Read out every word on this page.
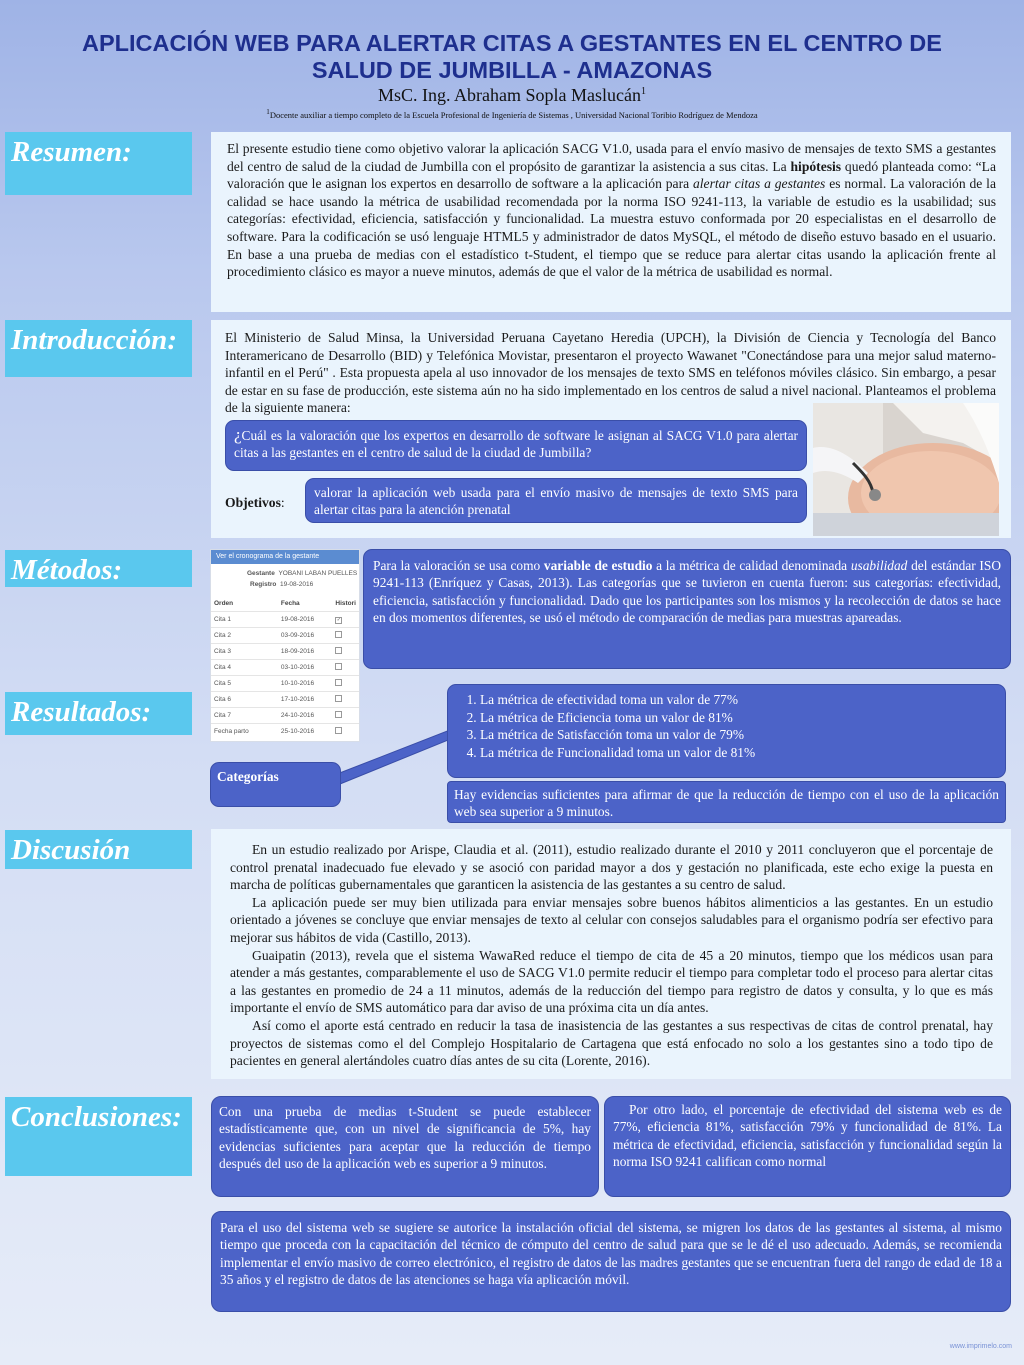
APLICACIÓN WEB PARA ALERTAR CITAS A GESTANTES EN EL CENTRO DE SALUD DE JUMBILLA - AMAZONAS
MsC. Ing. Abraham Sopla Maslucán$^1$
$^1$Docente auxiliar a tiempo completo de la Escuela Profesional de Ingeniería de Sistemas , Universidad Nacional Toribio Rodríguez de Mendoza
Resumen:	El presente estudio tiene como objetivo valorar la aplicación SACG V1.0, usada para el envío masivo de mensajes de texto SMS a gestantes del centro de salud de la ciudad de Jumbilla con el propósito de garantizar la asistencia a sus citas. La hipótesis quedó planteada como: “La valoración que le asignan los expertos en desarrollo de software a la aplicación para alertar citas a gestantes es normal. La valoración de la calidad se hace usando la métrica de usabilidad recomendada por la norma ISO 9241-113, la variable de estudio es la usabilidad; sus categorías: efectividad, eficiencia, satisfacción y funcionalidad. La muestra estuvo conformada por 20 especialistas en el desarrollo de software. Para la codificación se usó lenguaje HTML5 y administrador de datos MySQL, el método de diseño estuvo basado en el usuario. En base a una prueba de medias con el estadístico t-Student, el tiempo que se reduce para alertar citas usando la aplicación frente al procedimiento clásico es mayor a nueve minutos, además de que el valor de la métrica de usabilidad es normal.
Introducción:	El Ministerio de Salud Minsa, la Universidad Peruana Cayetano Heredia (UPCH), la División de Ciencia y Tecnología del Banco Interamericano de Desarrollo (BID) y Telefónica Movistar, presentaron el proyecto Wawanet "Conectándose para una mejor salud materno-infantil en el Perú" . Esta propuesta apela al uso innovador de los mensajes de texto SMS en teléfonos móviles clásico. Sin embargo, a pesar de estar en su fase de producción, este sistema aún no ha sido implementado en los centros de salud a nivel nacional. Planteamos el problema de la siguiente manera:
¿Cuál es la valoración que los expertos en desarrollo de software le asignan al SACG V1.0 para alertar citas a las gestantes en el centro de salud de la ciudad de Jumbilla?
Objetivos:
valorar la aplicación web usada para el envío masivo de mensajes de texto SMS para alertar citas para la atención prenatal
Métodos:	Ver el cronograma de la gestante
Gestante YOBANI LABAN PUELLES
Registro 19-08-2016
Orden	Fecha	Histori
Cita 1	19-08-2016	✓
Cita 2	03-09-2016	
Cita 3	18-09-2016	
Cita 4	03-10-2016	
Cita 5	10-10-2016	
Cita 6	17-10-2016	
Cita 7	24-10-2016	
Fecha parto	25-10-2016	
Para la valoración se usa como variable de estudio a la métrica de calidad denominada usabilidad del estándar ISO 9241-113 (Enríquez y Casas, 2013). Las categorías que se tuvieron en cuenta fueron: sus categorías: efectividad, eficiencia, satisfacción y funcionalidad. Dado que los participantes son los mismos y la recolección de datos se hace en dos momentos diferentes, se usó el método de comparación de medias para muestras apareadas.
Resultados:	1. La métrica de efectividad toma un valor de 77%
2. La métrica de Eficiencia toma un valor de 81%
3. La métrica de Satisfacción toma un valor de 79%
4. La métrica de Funcionalidad toma un valor de 81%
Categorías
Hay evidencias suficientes para afirmar de que la reducción de tiempo con el uso de la aplicación web sea superior a 9 minutos.
Discusión	En un estudio realizado por Arispe, Claudia et al. (2011), estudio realizado durante el 2010 y 2011 concluyeron que el porcentaje de control prenatal inadecuado fue elevado y se asoció con paridad mayor a dos y gestación no planificada, este echo exige la puesta en marcha de políticas gubernamentales que garanticen la asistencia de las gestantes a su centro de salud.
La aplicación puede ser muy bien utilizada para enviar mensajes sobre buenos hábitos alimenticios a las gestantes. En un estudio orientado a jóvenes se concluye que enviar mensajes de texto al celular con consejos saludables para el organismo podría ser efectivo para mejorar sus hábitos de vida (Castillo, 2013).
Guaipatin (2013), revela que el sistema WawaRed reduce el tiempo de cita de 45 a 20 minutos, tiempo que los médicos usan para atender a más gestantes, comparablemente el uso de SACG V1.0 permite reducir el tiempo para completar todo el proceso para alertar citas a las gestantes en promedio de 24 a 11 minutos, además de la reducción del tiempo para registro de datos y consulta, y lo que es más importante el envío de SMS automático para dar aviso de una próxima cita un día antes.
Así como el aporte está centrado en reducir la tasa de inasistencia de las gestantes a sus respectivas de citas de control prenatal, hay proyectos de sistemas como el del Complejo Hospitalario de Cartagena que está enfocado no solo a los gestantes sino a todo tipo de pacientes en general alertándoles cuatro días antes de su cita (Lorente, 2016).
Conclusiones:	Con una prueba de medias t-Student se puede establecer estadísticamente que, con un nivel de significancia de 5%, hay evidencias suficientes para aceptar que la reducción de tiempo después del uso de la aplicación web es superior a 9 minutos.
Por otro lado, el porcentaje de efectividad del sistema web es de 77%, eficiencia 81%, satisfacción 79% y funcionalidad de 81%. La métrica de efectividad, eficiencia, satisfacción y funcionalidad según la norma ISO 9241 califican como normal
Para el uso del sistema web se sugiere se autorice la instalación oficial del sistema, se migren los datos de las gestantes al sistema, al mismo tiempo que proceda con la capacitación del técnico de cómputo del centro de salud para que se le dé el uso adecuado. Además, se recomienda implementar el envío masivo de correo electrónico, el registro de datos de las madres gestantes que se encuentran fuera del rango de edad de 18 a 35 años y el registro de datos de las atenciones se haga vía aplicación móvil.
www.imprimelo.com
